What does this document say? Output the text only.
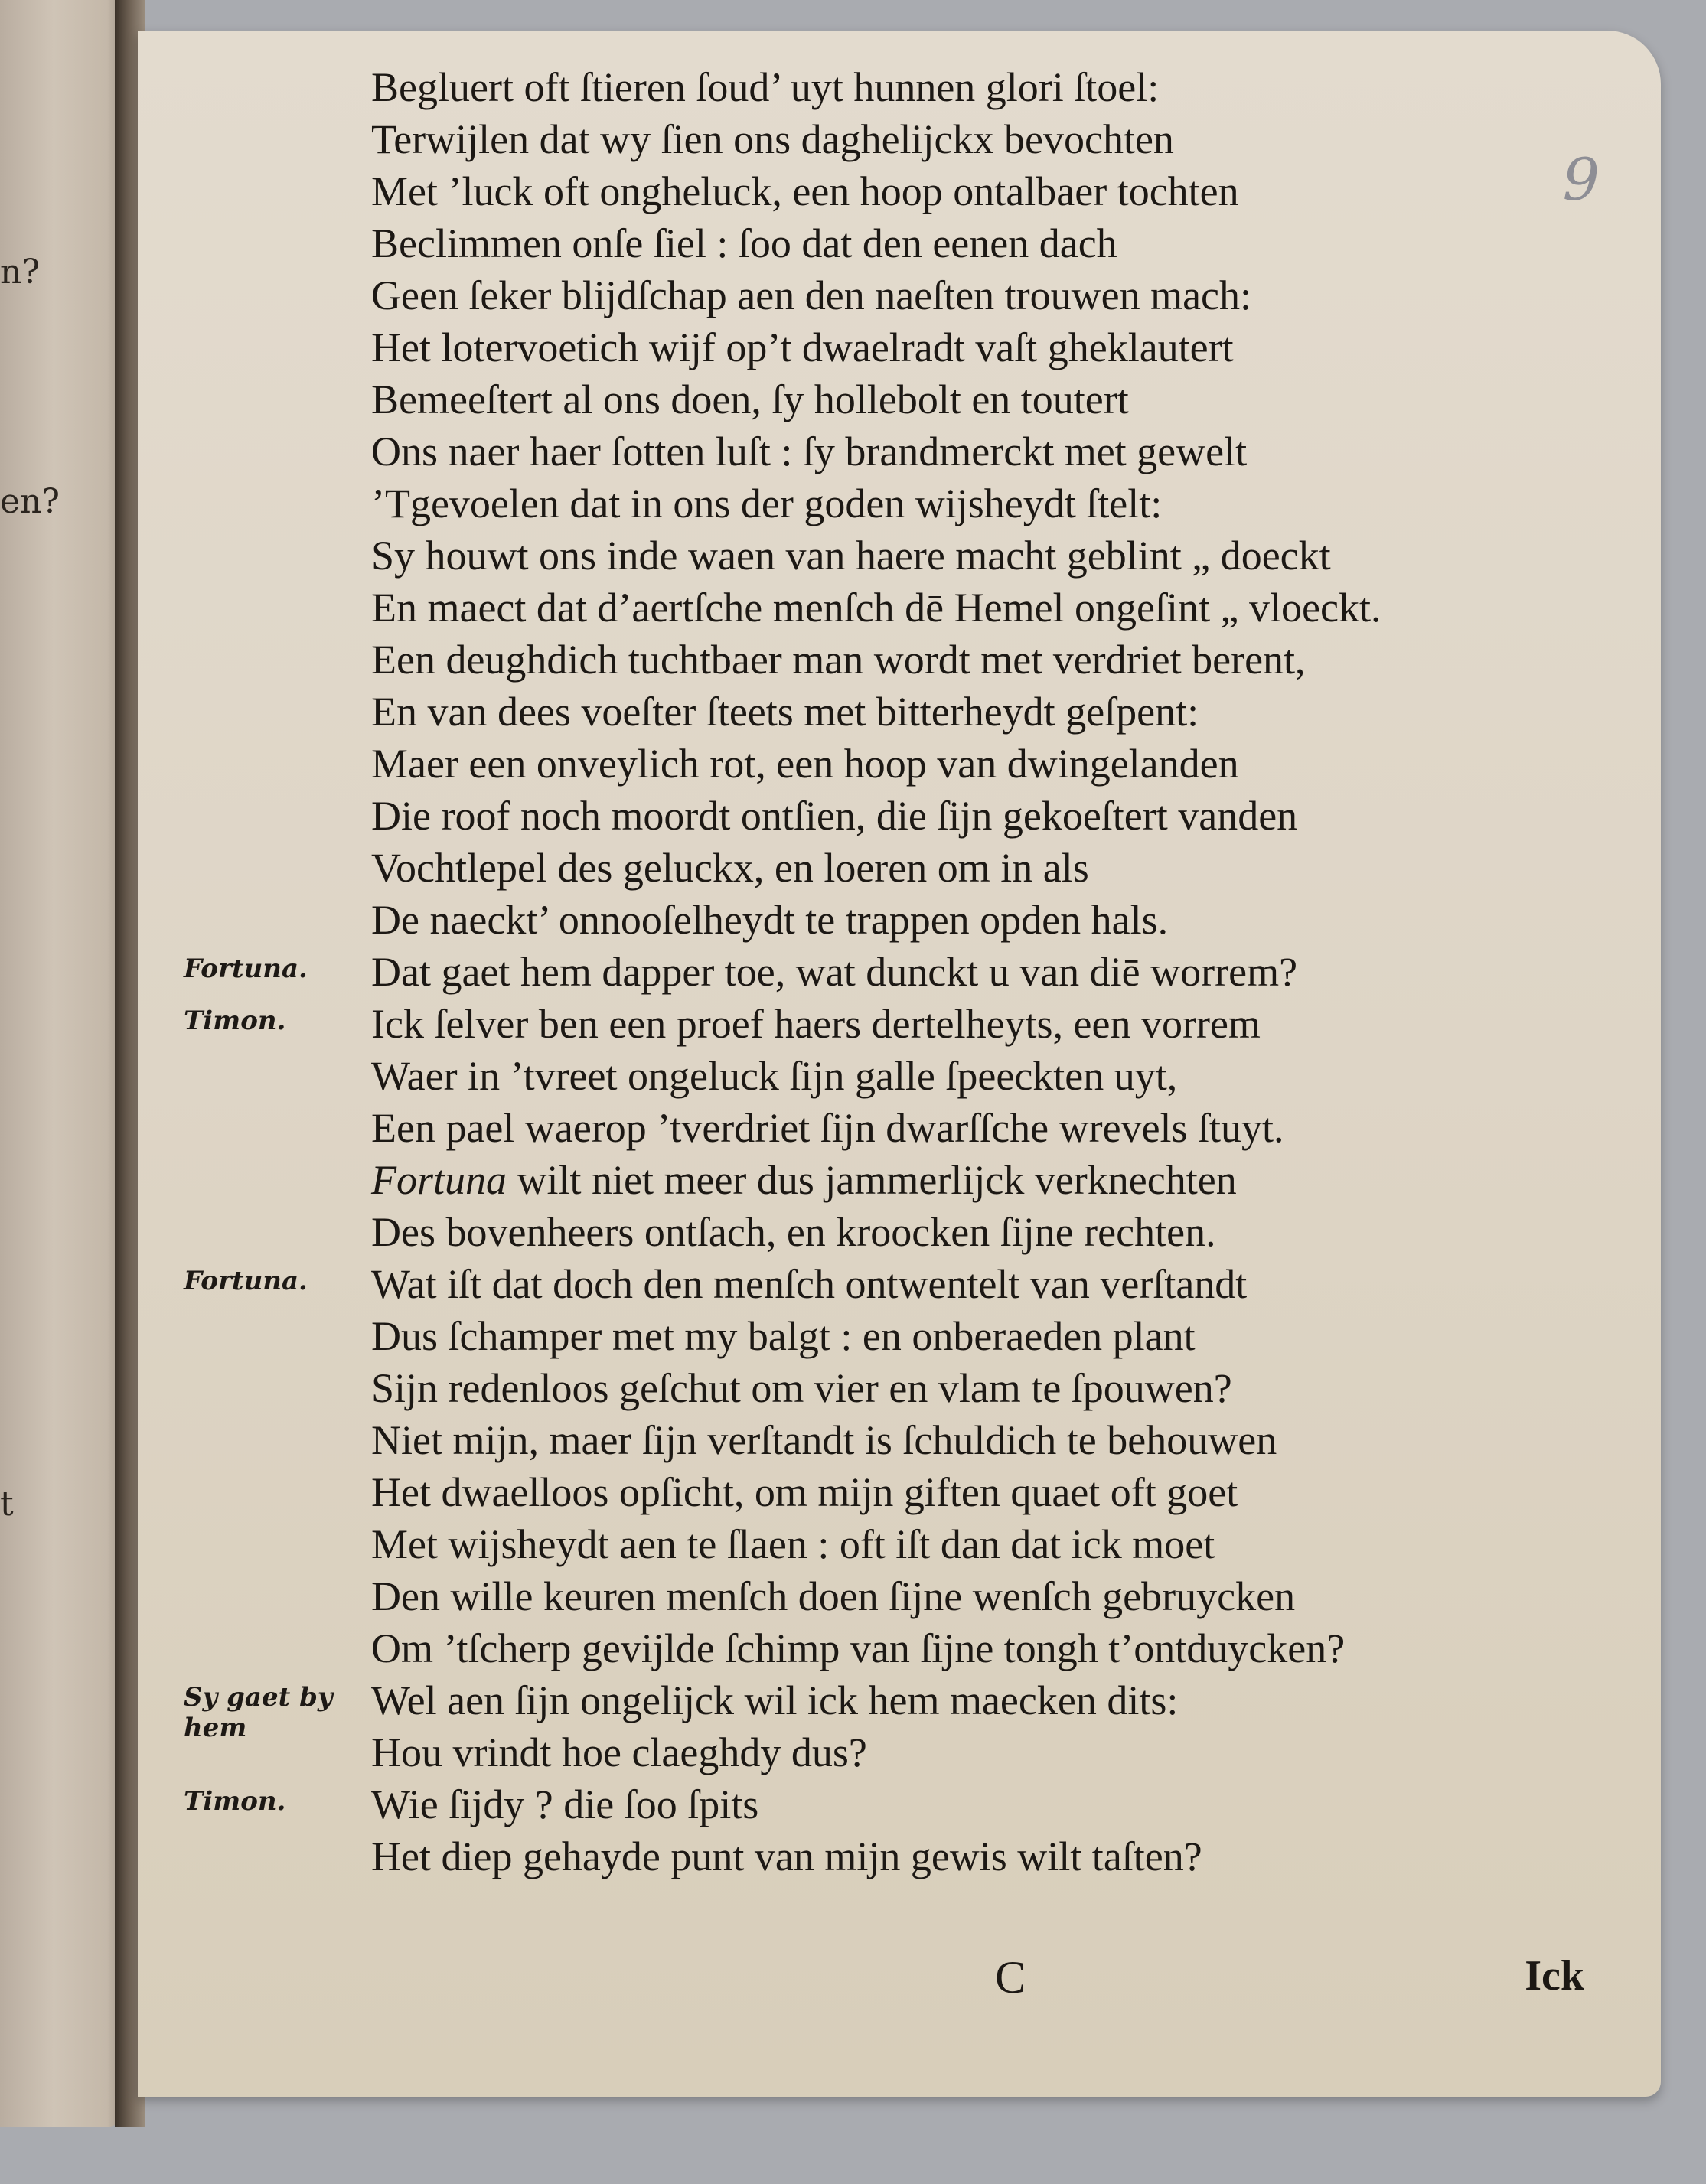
n?
en?
t
9
Begluert oft ſtieren ſoud’ uyt hunnen glori ſtoel:
Terwijlen dat wy ſien ons daghelijckx bevochten
Met ’luck oft ongheluck, een hoop ontalbaer tochten
Beclimmen onſe ſiel : ſoo dat den eenen dach
Geen ſeker blijdſchap aen den naeſten trouwen mach:
Het lotervoetich wijf op’t dwaelradt vaſt gheklautert
Bemeeſtert al ons doen, ſy hollebolt en toutert
Ons naer haer ſotten luſt : ſy brandmerckt met gewelt
’Tgevoelen dat in ons der goden wijsheydt ſtelt:
Sy houwt ons inde waen van haere macht geblint „ doeckt
En maect dat d’aertſche menſch dē Hemel ongeſint „ vloeckt.
Een deughdich tuchtbaer man wordt met verdriet berent,
En van dees voeſter ſteets met bitterheydt geſpent:
Maer een onveylich rot, een hoop van dwingelanden
Die roof noch moordt ontſien, die ſijn gekoeſtert vanden
Vochtlepel des geluckx, en loeren om in als
De naeckt’ onnooſelheydt te trappen opden hals.
Fortuna.	Dat gaet hem dapper toe, wat dunckt u van diē worrem?
Timon.	Ick ſelver ben een proef haers dertelheyts, een vorrem
Waer in ’tvreet ongeluck ſijn galle ſpeeckten uyt,
Een pael waerop ’tverdriet ſijn dwarſſche wrevels ſtuyt.
Fortuna wilt niet meer dus jammerlijck verknechten
Des bovenheers ontſach, en kroocken ſijne rechten.
Fortuna.	Wat iſt dat doch den menſch ontwentelt van verſtandt
Dus ſchamper met my balgt : en onberaeden plant
Sijn redenloos geſchut om vier en vlam te ſpouwen?
Niet mijn, maer ſijn verſtandt is ſchuldich te behouwen
Het dwaelloos opſicht, om mijn giften quaet oft goet
Met wijsheydt aen te ſlaen : oft iſt dan dat ick moet
Den wille keuren menſch doen ſijne wenſch gebruycken
Om ’tſcherp gevijlde ſchimp van ſijne tongh t’ontduycken?
Sy gaet by hem
Wel aen ſijn ongelijck wil ick hem maecken dits:
Hou vrindt hoe claeghdy dus?
Timon.	Wie ſijdy ? die ſoo ſpits
Het diep gehayde punt van mijn gewis wilt taſten?
C	Ick
